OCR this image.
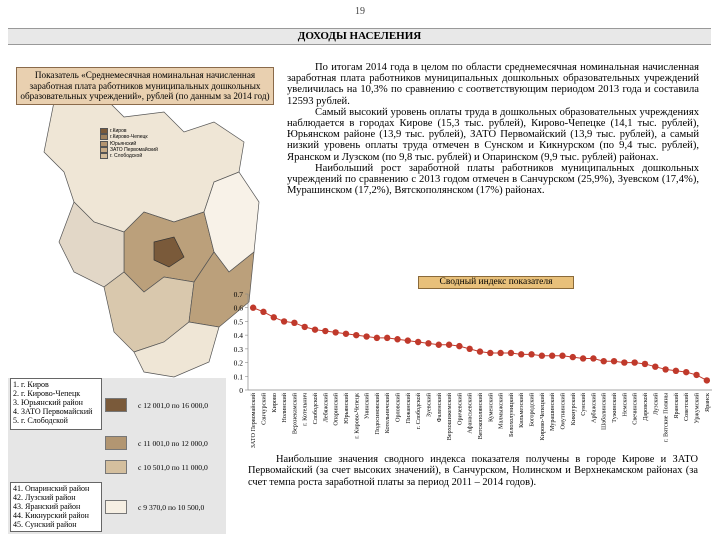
19
ДОХОДЫ НАСЕЛЕНИЯ
Показатель «Среднемесячная номинальная начисленная заработная плата работников муниципальных дошкольных образовательных учреждений», рублей (по данным за 2014 год)
г.Киров
г.Кирово-Чепецк
Юрьянский
ЗАТО Первомайский
г. Слободской

По итогам 2014 года в целом по области среднемесячная номинальная начисленная заработная плата работников муниципальных дошкольных образовательных учреждений увеличилась на 10,3% по сравнению с соответствующим периодом 2013 года и составила 12593 рублей.

Самый высокий уровень оплаты труда в дошкольных образовательных учреждениях наблюдается в городах Кирове (15,3 тыс. рублей), Кирово-Чепецке (14,1 тыс. рублей), Юрьянском районе (13,9 тыс. рублей), ЗАТО Первомайский (13,9 тыс. рублей), а самый низкий уровень оплаты труда отмечен в Сунском и Кикнурском (по 9,4 тыс. рублей), Яранском и Лузском (по 9,8 тыс. рублей) и Опаринском (9,9 тыс. рублей) районах.

Наибольший рост заработной платы работников муниципальных дошкольных учреждений по сравнению с 2013 годом отмечен в Санчурском (25,9%), Зуевском (17,4%), Мурашинском (17,2%), Вятскополянском (17%) районах.

Сводный индекс показателя
0
0.1
0.2
0.3
0.4
0.5
0.6
0.7
ЗАТО Первомайский Санчурский Кирово Нолинский Верхнекамский г. Котельнич Слободской Лебяжский Опаринский Юрьянский г. Кирово-Чепецк Унинский Подосиновский Котельничский Орловский Пижанский г. Слободской Зуевский Фаленский Верхошижемский Оричевский Афанасьевский Вятскополянский Куменский Малмыжский Белохолуницкий Кильмезский Богородский Кирово-Чепецкий Мурашинский Омутнинский Кикнурский Сунский Арбажский Шабалинский Тужинский Немский Свечинский Даровской Лузский г. Вятские Поляны Яранский Советский Уржумский Яранск
1. г. Киров
2. г. Кирово-Чепецк
3. Юрьянский район
4. ЗАТО Первомайский
5. г. Слободской
с 12 001,0 по 16 000,0
с 11 001,0 по 12 000,0
с 10 501,0 по 11 000,0
41. Опаринский район
42. Лузский район
43. Яранский район
44. Кикнурский район
45. Сунский район
с 9 370,0 по 10 500,0

Наибольшие значения сводного индекса показателя получены в городе Кирове и ЗАТО Первомайский (за счет высоких значений), в Санчурском, Нолинском и Верхнекамском районах (за счет темпа роста заработной платы за период 2011 – 2014 годов).
